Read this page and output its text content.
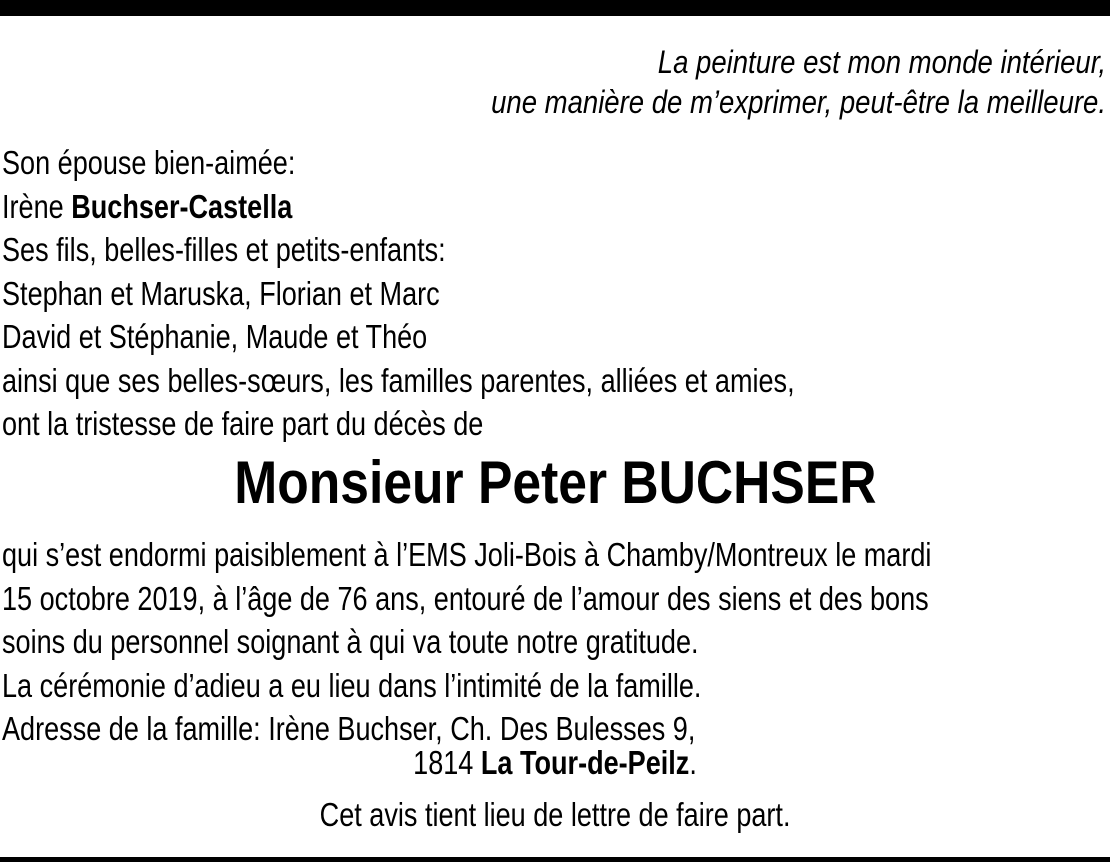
La peinture est mon monde intérieur,
une manière de m’exprimer, peut-être la meilleure.
Son épouse bien-aimée:
Irène Buchser-Castella
Ses fils, belles-filles et petits-enfants:
Stephan et Maruska, Florian et Marc
David et Stéphanie, Maude et Théo
ainsi que ses belles-sœurs, les familles parentes, alliées et amies,
ont la tristesse de faire part du décès de
Monsieur Peter BUCHSER
qui s’est endormi paisiblement à l’EMS Joli-Bois à Chamby/Montreux le mardi
15 octobre 2019, à l’âge de 76 ans, entouré de l’amour des siens et des bons
soins du personnel soignant à qui va toute notre gratitude.
La cérémonie d’adieu a eu lieu dans l’intimité de la famille.
Adresse de la famille: Irène Buchser, Ch. Des Bulesses 9,
1814 La Tour-de-Peilz.
Cet avis tient lieu de lettre de faire part.
